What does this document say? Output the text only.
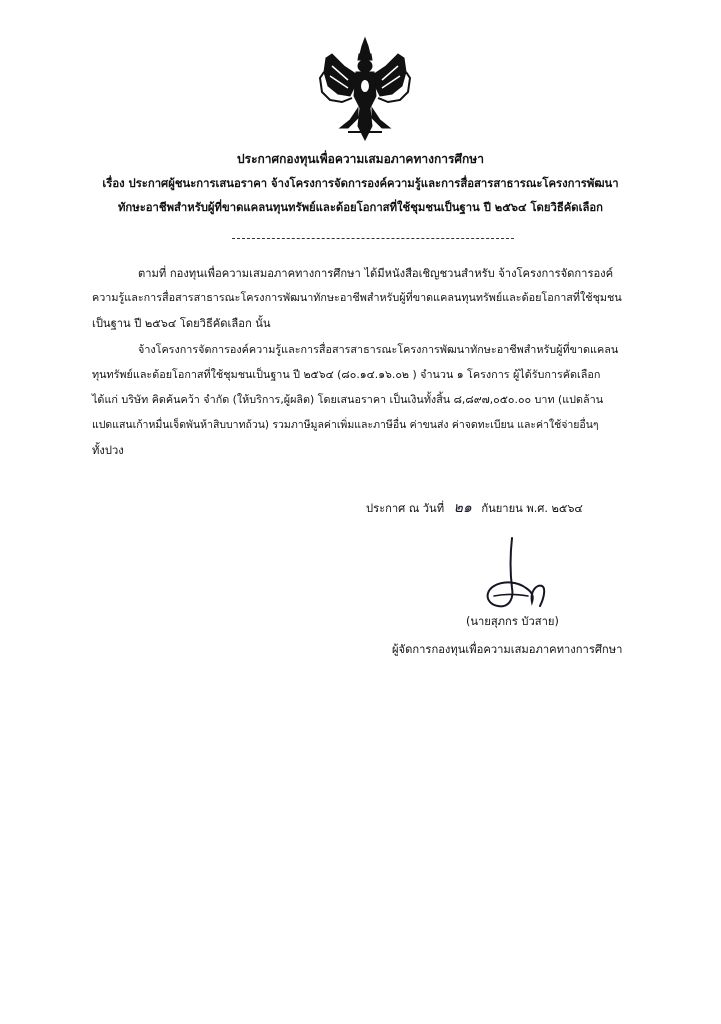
ประกาศกองทุนเพื่อความเสมอภาคทางการศึกษา
เรื่อง ประกาศผู้ชนะการเสนอราคา จ้างโครงการจัดการองค์ความรู้และการสื่อสารสาธารณะโครงการพัฒนา
ทักษะอาชีพสำหรับผู้ที่ขาดแคลนทุนทรัพย์และด้อยโอกาสที่ใช้ชุมชนเป็นฐาน ปี ๒๕๖๔ โดยวิธีคัดเลือก
ตามที่ กองทุนเพื่อความเสมอภาคทางการศึกษา ได้มีหนังสือเชิญชวนสำหรับ จ้างโครงการจัดการองค์
ความรู้และการสื่อสารสาธารณะโครงการพัฒนาทักษะอาชีพสำหรับผู้ที่ขาดแคลนทุนทรัพย์และด้อยโอกาสที่ใช้ชุมชน
เป็นฐาน ปี ๒๕๖๔ โดยวิธีคัดเลือก นั้น
จ้างโครงการจัดการองค์ความรู้และการสื่อสารสาธารณะโครงการพัฒนาทักษะอาชีพสำหรับผู้ที่ขาดแคลน
ทุนทรัพย์และด้อยโอกาสที่ใช้ชุมชนเป็นฐาน ปี ๒๕๖๔ (๘๐.๑๔.๑๖.๐๒ ) จำนวน ๑ โครงการ ผู้ได้รับการคัดเลือก
ได้แก่ บริษัท คิดค้นคว้า จำกัด (ให้บริการ,ผู้ผลิต) โดยเสนอราคา เป็นเงินทั้งสิ้น ๘,๘๙๗,๐๕๐.๐๐ บาท (แปดล้าน
แปดแสนเก้าหมื่นเจ็ดพันห้าสิบบาทถ้วน) รวมภาษีมูลค่าเพิ่มและภาษีอื่น ค่าขนส่ง ค่าจดทะเบียน และค่าใช้จ่ายอื่นๆ
ทั้งปวง
ประกาศ ณ วันที่ ๒๑ กันยายน พ.ศ. ๒๕๖๔
(นายสุภกร บัวสาย)
ผู้จัดการกองทุนเพื่อความเสมอภาคทางการศึกษา
